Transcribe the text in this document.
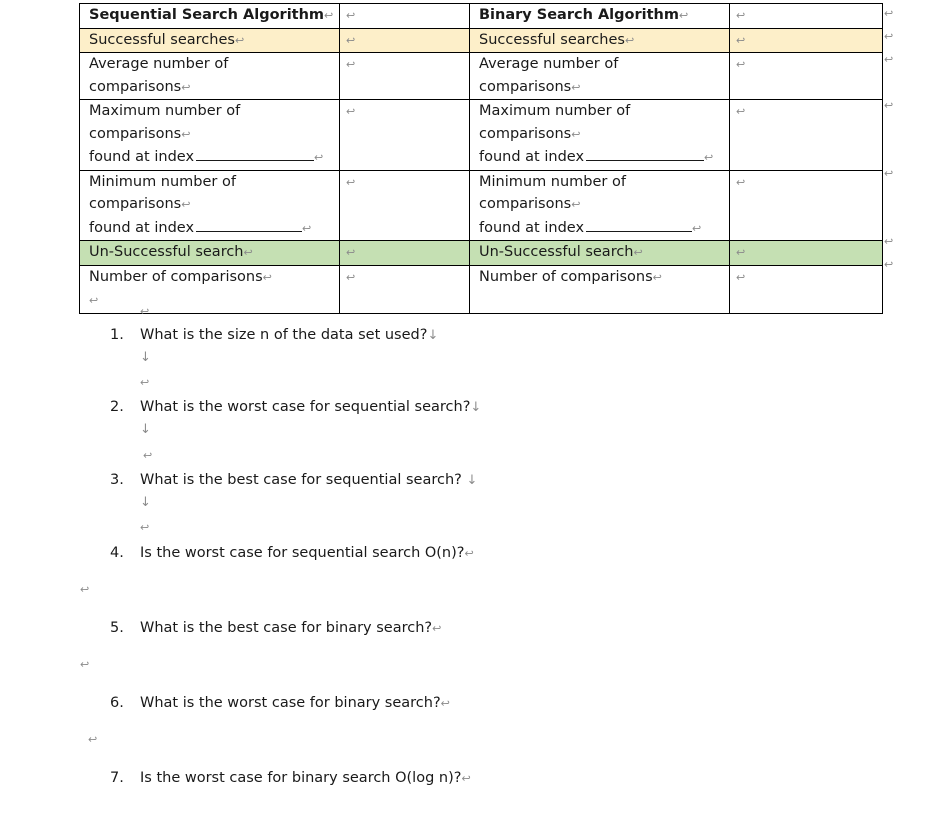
Sequential Search Algorithm↩	↩	Binary Search Algorithm↩	↩
Successful searches↩	↩	Successful searches↩	↩
Average number of
comparisons↩	↩	Average number of
comparisons↩	↩
Maximum number of
comparisons↩
found at index ↩	↩	Maximum number of
comparisons↩
found at index ↩	↩
Minimum number of
comparisons↩
found at index ↩	↩	Minimum number of
comparisons↩
found at index ↩	↩
Un-Successful search↩	↩	Un-Successful search↩	↩
Number of comparisons↩
↩	↩	Number of comparisons↩	↩
↩
↩
↩
↩
↩
↩
↩
↩
1. What is the size n of the data set used?↓
↓
↩
2. What is the worst case for sequential search?↓
↓
↩
3. What is the best case for sequential search? ↓
↓
↩
4. Is the worst case for sequential search O(n)?↩
↩
5. What is the best case for binary search?↩
↩
6. What is the worst case for binary search?↩
↩
7. Is the worst case for binary search O(log n)?↩
